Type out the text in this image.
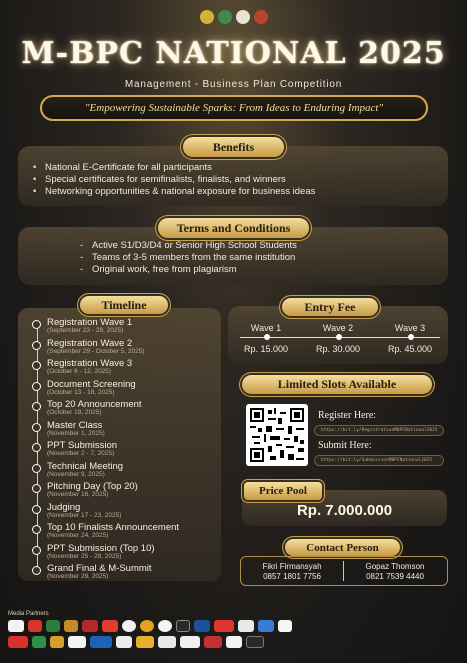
M-BPC NATIONAL 2025
Management - Business Plan Competition
"Empowering Sustainable Sparks: From Ideas to Enduring Impact"
Benefits
• National E-Certificate for all participants
• Special certificates for semifinalists, finalists, and winners
• Networking opportunities & national exposure for business ideas
Terms and Conditions
- Active S1/D3/D4 or Senior High School Students
- Teams of 3-5 members from the same institution
- Original work, free from plagiarism
Timeline
Registration Wave 1
(September 23 - 28, 2025)
Registration Wave 2
(September 29 - October 5, 2025)
Registration Wave 3
(October 6 - 12, 2025)
Document Screening
(October 13 - 18, 2025)
Top 20 Announcement
(October 19, 2025)
Master Class
(November 1, 2025)
PPT Submission
(November 2 - 7, 2025)
Technical Meeting
(November 9, 2025)
Pitching Day (Top 20)
(November 16, 2025)
Judging
(November 17 - 23, 2025)
Top 10 Finalists Announcement
(November 24, 2025)
PPT Submission (Top 10)
(November 25 - 28, 2025)
Grand Final & M-Summit
(November 29, 2025)
Entry Fee
Wave 1	Wave 2	Wave 3
Rp. 15.000	Rp. 30.000	Rp. 45.000
Limited Slots Available
Register Here:
https://bit.ly/RegistrationMBPCNational2025
Submit Here:
https://bit.ly/SubmissionMBPCNational2025
Price Pool
Rp. 7.000.000
Contact Person
Fikri Firmansyah
0857 1801 7756
Gopaz Thomson
0821 7539 4440
Media Partners
